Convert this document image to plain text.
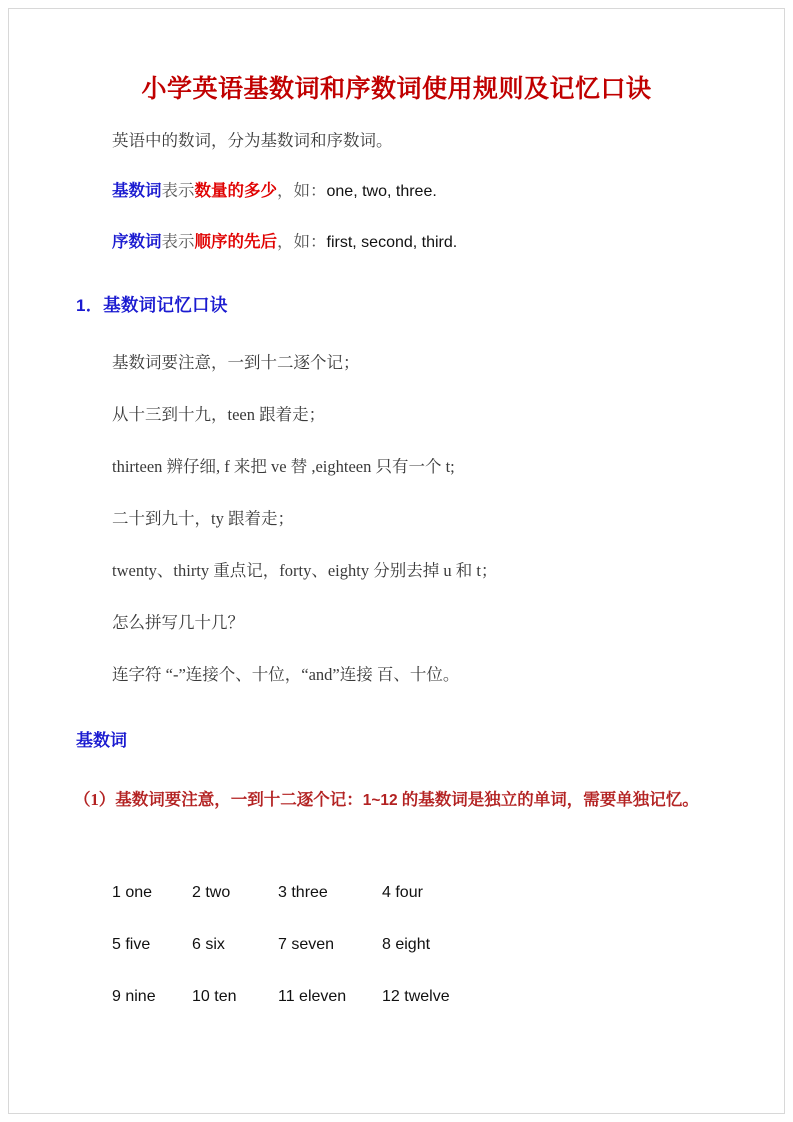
小学英语基数词和序数词使用规则及记忆口诀
英语中的数词，分为基数词和序数词。
基数词表示数量的多少，如：one, two, three.
序数词表示顺序的先后，如：first, second, third.
1．基数词记忆口诀
基数词要注意，一到十二逐个记；
从十三到十九，teen 跟着走；
thirteen 辨仔细, f 来把 ve 替 ,eighteen 只有一个 t;
二十到九十，ty 跟着走；
twenty、thirty 重点记，forty、eighty 分别去掉 u 和 t；
怎么拼写几十几？
连字符 “-”连接个、十位，“and”连接 百、十位。
基数词
（1）基数词要注意，一到十二逐个记：1~12 的基数词是独立的单词，需要单独记忆。
1 one 2 two	3 three	4 four
5 five	6 six	7 seven	8 eight
9 nine 10 ten	11 eleven 12 twelve
